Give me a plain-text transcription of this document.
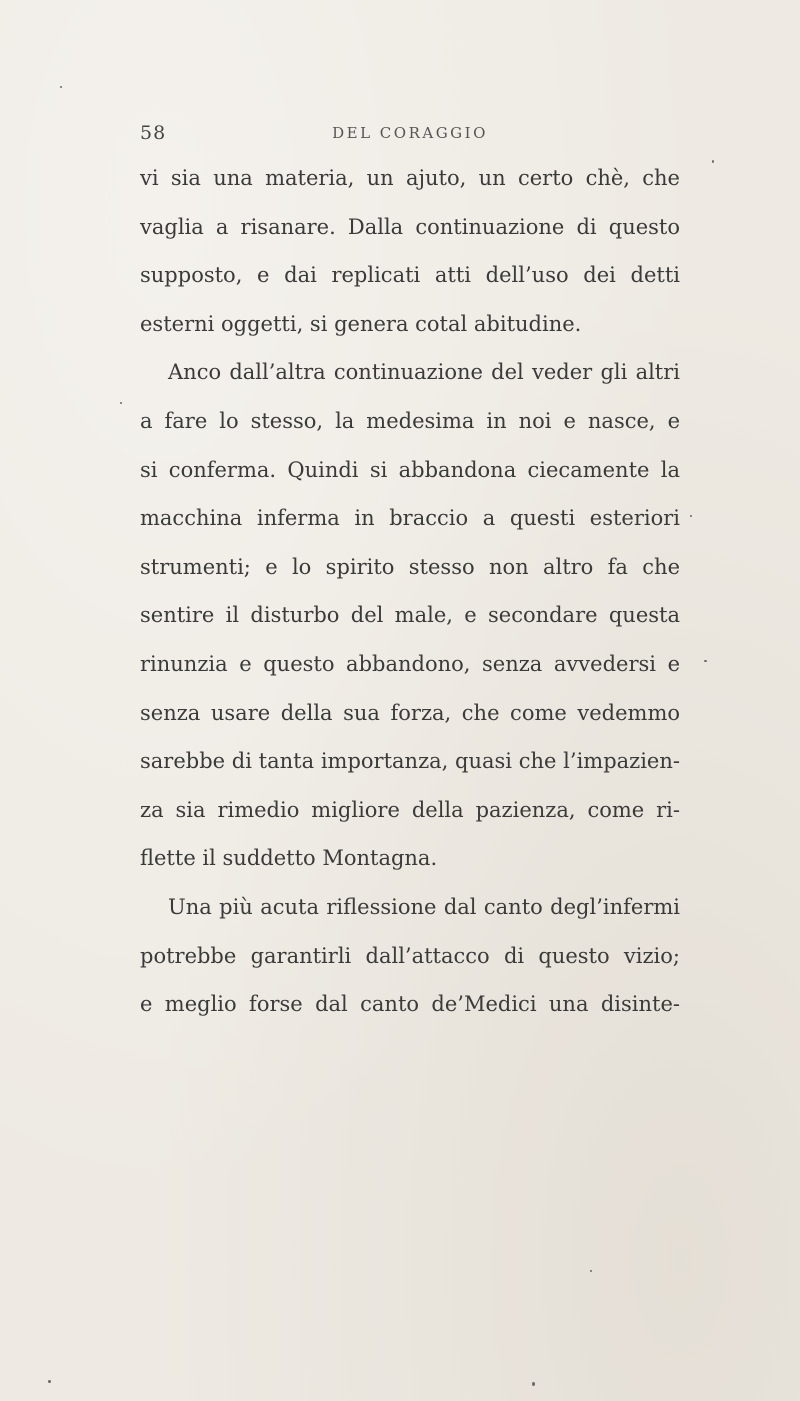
58	DEL CORAGGIO
vi sia una materia, un ajuto, un certo chè, che
vaglia a risanare. Dalla continuazione di questo
supposto, e dai replicati atti dell’uso dei detti
esterni oggetti, si genera cotal abitudine.
Anco dall’altra continuazione del veder gli altri
a fare lo stesso, la medesima in noi e nasce, e
si conferma. Quindi si abbandona ciecamente la
macchina inferma in braccio a questi esteriori
strumenti; e lo spirito stesso non altro fa che
sentire il disturbo del male, e secondare questa
rinunzia e questo abbandono, senza avvedersi e
senza usare della sua forza, che come vedemmo
sarebbe di tanta importanza, quasi che l’impazien-
za sia rimedio migliore della pazienza, come ri-
flette il suddetto Montagna.
Una più acuta riflessione dal canto degl’infermi
potrebbe garantirli dall’attacco di questo vizio;
e meglio forse dal canto de’Medici una disinte-
